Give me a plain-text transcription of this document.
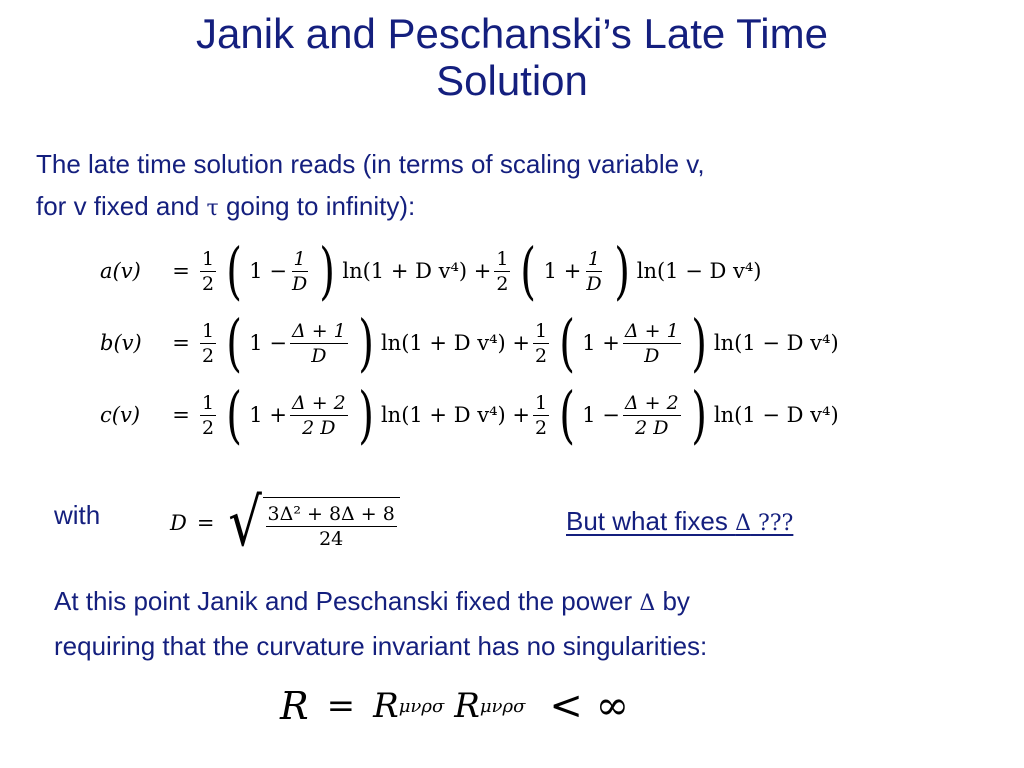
Janik and Peschanski’s Late Time
Solution
The late time solution reads (in terms of scaling variable v,
for v fixed and τ going to infinity):
a(v)	= $\frac{1}{2}$ ( $1 - \frac{1}{D}$ ) ln(1 + D $v^4) + \frac{1}{2}$ ( $1 + \frac{1}{D}$ ) ln(1 − D v⁴)
b(v)	= $\frac{1}{2}$ ( $1 - \frac{\Delta + 1}{D}$ ) ln(1 + D $v^4) + \frac{1}{2}$ ( $1 + \frac{\Delta + 1}{D}$ ) ln(1 − D v⁴)
c(v)	= $\frac{1}{2}$ ( $1 + \frac{\Delta + 2}{2 D}$ ) ln(1 + D $v^4) + \frac{1}{2}$ ( $1 - \frac{\Delta + 2}{2 D}$ ) ln(1 − D v⁴)
with	D = √ $\frac{\text{3Δ² + 8Δ + 8}}{24}$	But what fixes Δ ???
At this point Janik and Peschanski fixed the power Δ by
requiring that the curvature invariant has no singularities:
R = R μνρσ R μνρσ < ∞
